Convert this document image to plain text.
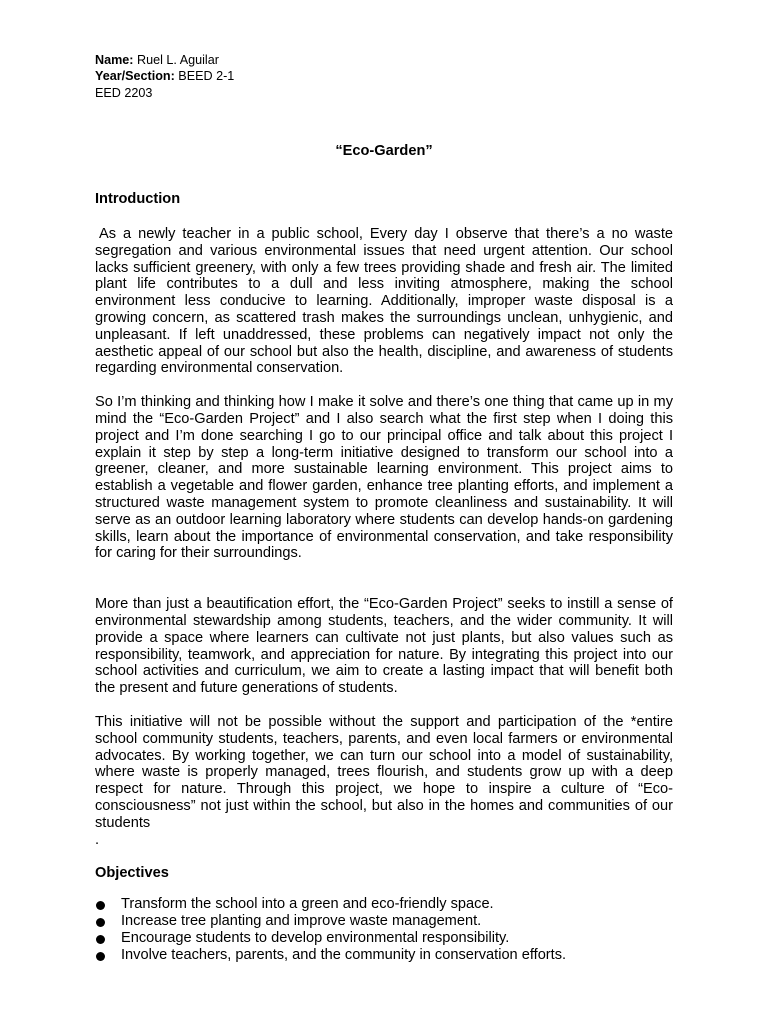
Name: Ruel L. Aguilar
Year/Section: BEED 2-1
EED 2203
“Eco-Garden”
Introduction

As a newly teacher in a public school, Every day I observe that there’s a no waste segregation and various environmental issues that need urgent attention. Our school lacks sufficient greenery, with only a few trees providing shade and fresh air. The limited plant life contributes to a dull and less inviting atmosphere, making the school environment less conducive to learning. Additionally, improper waste disposal is a growing concern, as scattered trash makes the surroundings unclean, unhygienic, and unpleasant. If left unaddressed, these problems can negatively impact not only the aesthetic appeal of our school but also the health, discipline, and awareness of students regarding environmental conservation.

So I’m thinking and thinking how I make it solve and there’s one thing that came up in my mind the “Eco-Garden Project” and I also search what the first step when I doing this project and I’m done searching I go to our principal office and talk about this project I explain it step by step a long-term initiative designed to transform our school into a greener, cleaner, and more sustainable learning environment. This project aims to establish a vegetable and flower garden, enhance tree planting efforts, and implement a structured waste management system to promote cleanliness and sustainability. It will serve as an outdoor learning laboratory where students can develop hands-on gardening skills, learn about the importance of environmental conservation, and take responsibility for caring for their surroundings.

More than just a beautification effort, the “Eco-Garden Project” seeks to instill a sense of environmental stewardship among students, teachers, and the wider community. It will provide a space where learners can cultivate not just plants, but also values such as responsibility, teamwork, and appreciation for nature. By integrating this project into our school activities and curriculum, we aim to create a lasting impact that will benefit both the present and future generations of students.

This initiative will not be possible without the support and participation of the *entire school community students, teachers, parents, and even local farmers or environmental advocates. By working together, we can turn our school into a model of sustainability, where waste is properly managed, trees flourish, and students grow up with a deep respect for nature. Through this project, we hope to inspire a culture of “Eco-consciousness” not just within the school, but also in the homes and communities of our students

.

Objectives
Transform the school into a green and eco-friendly space.
Increase tree planting and improve waste management.
Encourage students to develop environmental responsibility.
Involve teachers, parents, and the community in conservation efforts.
